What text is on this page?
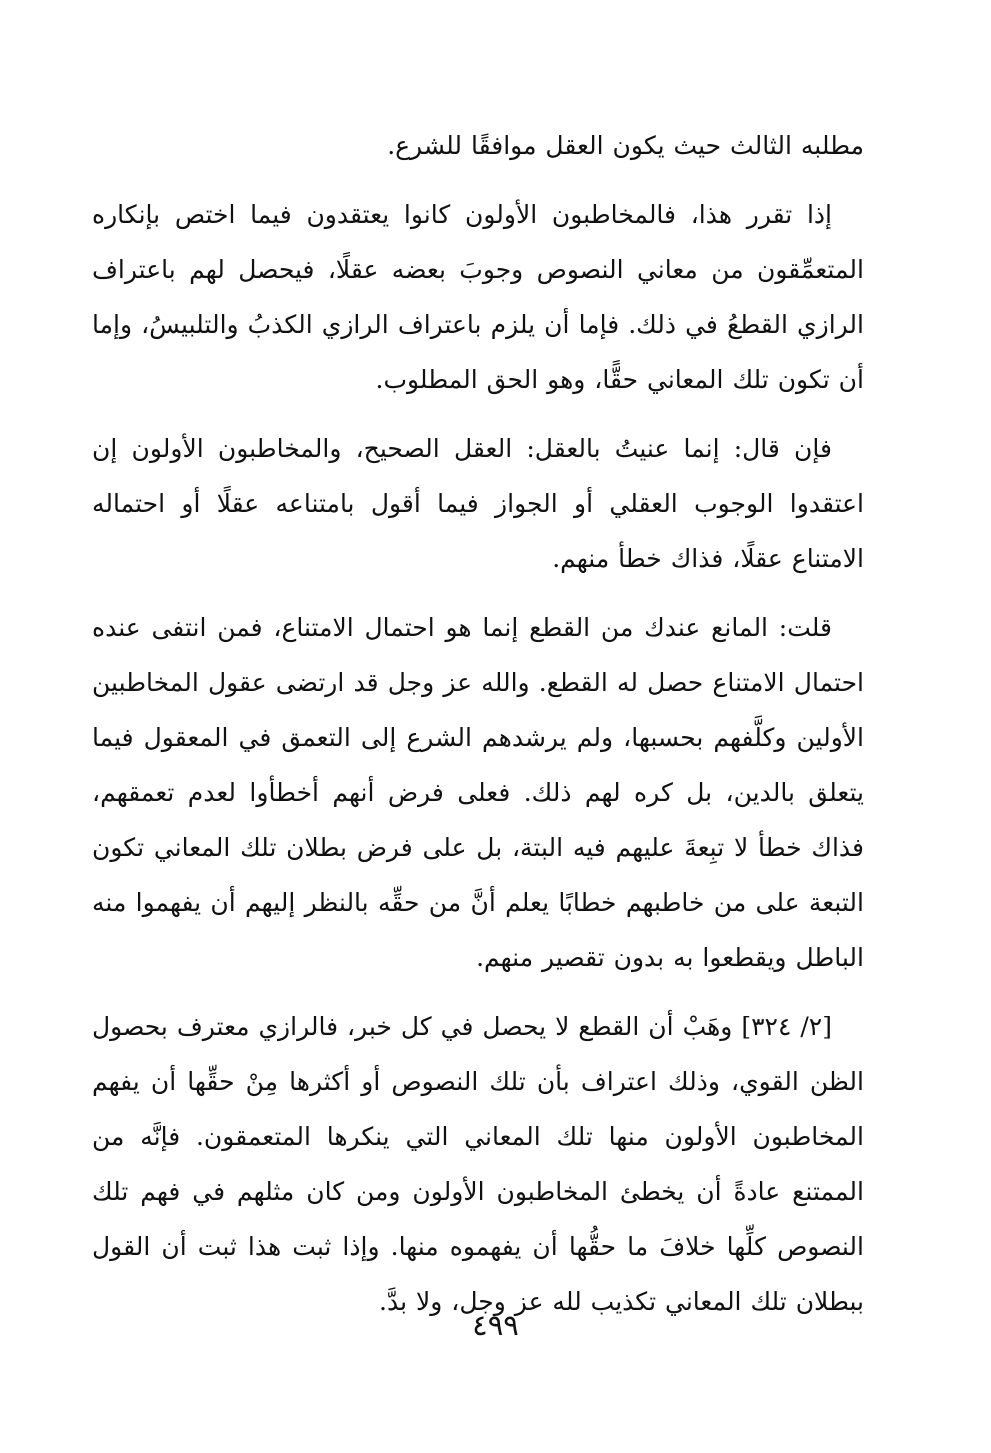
مطلبه الثالث حيث يكون العقل موافقًا للشرع.

إذا تقرر هذا، فالمخاطبون الأولون كانوا يعتقدون فيما اختص بإنكاره المتعمِّقون من معاني النصوص وجوبَ بعضه عقلًا، فيحصل لهم باعتراف الرازي القطعُ في ذلك. فإما أن يلزم باعتراف الرازي الكذبُ والتلبيسُ، وإما أن تكون تلك المعاني حقًّا، وهو الحق المطلوب.

فإن قال: إنما عنيتُ بالعقل: العقل الصحيح، والمخاطبون الأولون إن اعتقدوا الوجوب العقلي أو الجواز فيما أقول بامتناعه عقلًا أو احتماله الامتناع عقلًا، فذاك خطأ منهم.

قلت: المانع عندك من القطع إنما هو احتمال الامتناع، فمن انتفى عنده احتمال الامتناع حصل له القطع. والله عز وجل قد ارتضى عقول المخاطبين الأولين وكلَّفهم بحسبها، ولم يرشدهم الشرع إلى التعمق في المعقول فيما يتعلق بالدين، بل كره لهم ذلك. فعلى فرض أنهم أخطأوا لعدم تعمقهم، فذاك خطأ لا تبِعةَ عليهم فيه البتة، بل على فرض بطلان تلك المعاني تكون التبعة على من خاطبهم خطابًا يعلم أنَّ من حقِّه بالنظر إليهم أن يفهموا منه الباطل ويقطعوا به بدون تقصير منهم.

[٢/ ٣٢٤] وهَبْ أن القطع لا يحصل في كل خبر، فالرازي معترف بحصول الظن القوي، وذلك اعتراف بأن تلك النصوص أو أكثرها مِنْ حقِّها أن يفهم المخاطبون الأولون منها تلك المعاني التي ينكرها المتعمقون. فإنَّه من الممتنع عادةً أن يخطئ المخاطبون الأولون ومن كان مثلهم في فهم تلك النصوص كلِّها خلافَ ما حقُّها أن يفهموه منها. وإذا ثبت هذا ثبت أن القول ببطلان تلك المعاني تكذيب لله عز وجل، ولا بدَّ.

٤٩٩
